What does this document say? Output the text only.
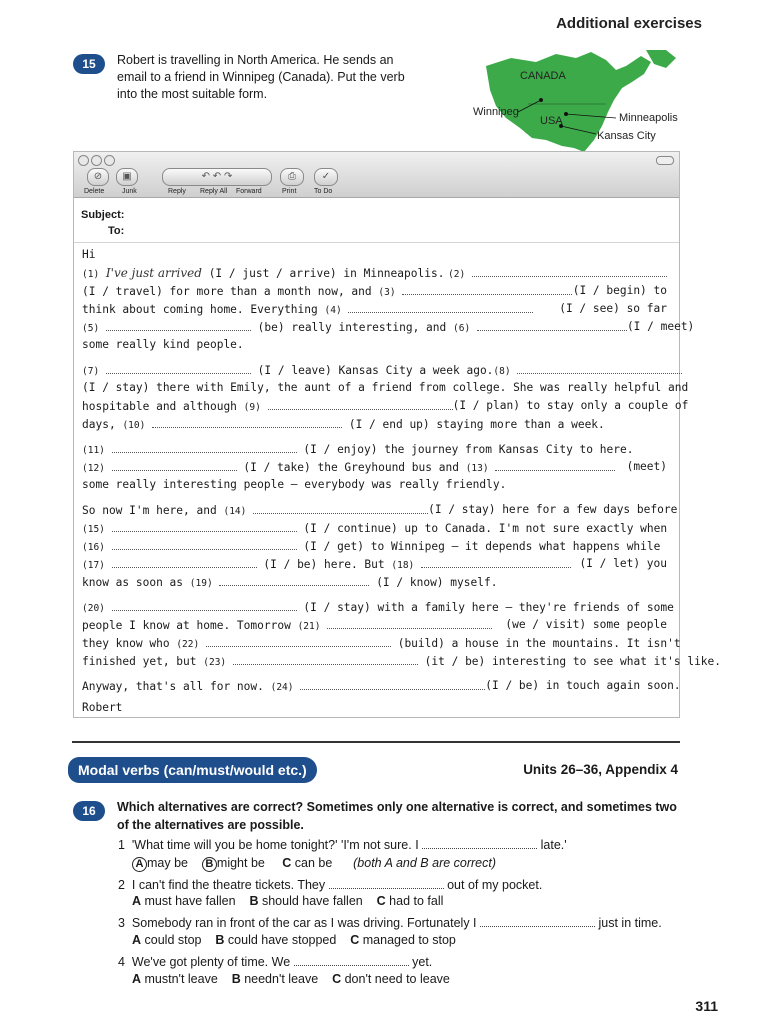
Additional exercises
15	Robert is travelling in North America. He sends an email to a friend in Winnipeg (Canada). Put the verb into the most suitable form.
CANADA
USA
Winnipeg	Minneapolis
Kansas City
⊘	▣	↶ ↶ ↷	⎙	✓
Delete	Junk	Reply Reply All Forward	Print	To Do
Subject:
To:
Hi
(1) I've just arrived (I / just / arrive) in Minneapolis. (2)
(I / travel) for more than a month now, and (3)	(I / begin) to
think about coming home. Everything (4)	(I / see) so far
(5)	(be) really interesting, and (6)	(I / meet)
some really kind people.
(7)	(I / leave) Kansas City a week ago. (8)
(I / stay) there with Emily, the aunt of a friend from college. She was really helpful and
hospitable and although (9)	(I / plan) to stay only a couple of
days, (10)	(I / end up) staying more than a week.
(11)	(I / enjoy) the journey from Kansas City to here.
(12)	(I / take) the Greyhound bus and (13)	(meet)
some really interesting people – everybody was really friendly.
So now I'm here, and (14)	(I / stay) here for a few days before
(15)	(I / continue) up to Canada. I'm not sure exactly when
(16)	(I / get) to Winnipeg – it depends what happens while
(17)	(I / be) here. But (18)	(I / let) you
know as soon as (19)	(I / know) myself.
(20)	(I / stay) with a family here – they're friends of some
people I know at home. Tomorrow (21)	(we / visit) some people
they know who (22)	(build) a house in the mountains. It isn't
finished yet, but (23)	(it / be) interesting to see what it's like.
Anyway, that's all for now. (24)	(I / be) in touch again soon.
Robert
Modal verbs (can/must/would etc.)	Units 26–36, Appendix 4
16	Which alternatives are correct? Sometimes only one alternative is correct, and sometimes two of the alternatives are possible.
1 'What time will you be home tonight?' 'I'm not sure. I	late.'
A may be B might be C can be (both A and B are correct)
2 I can't find the theatre tickets. They	out of my pocket.
A must have fallen B should have fallen C had to fall
3 Somebody ran in front of the car as I was driving. Fortunately I	just in time.
A could stop B could have stopped C managed to stop
4 We've got plenty of time. We	yet.
A mustn't leave B needn't leave C don't need to leave
311
